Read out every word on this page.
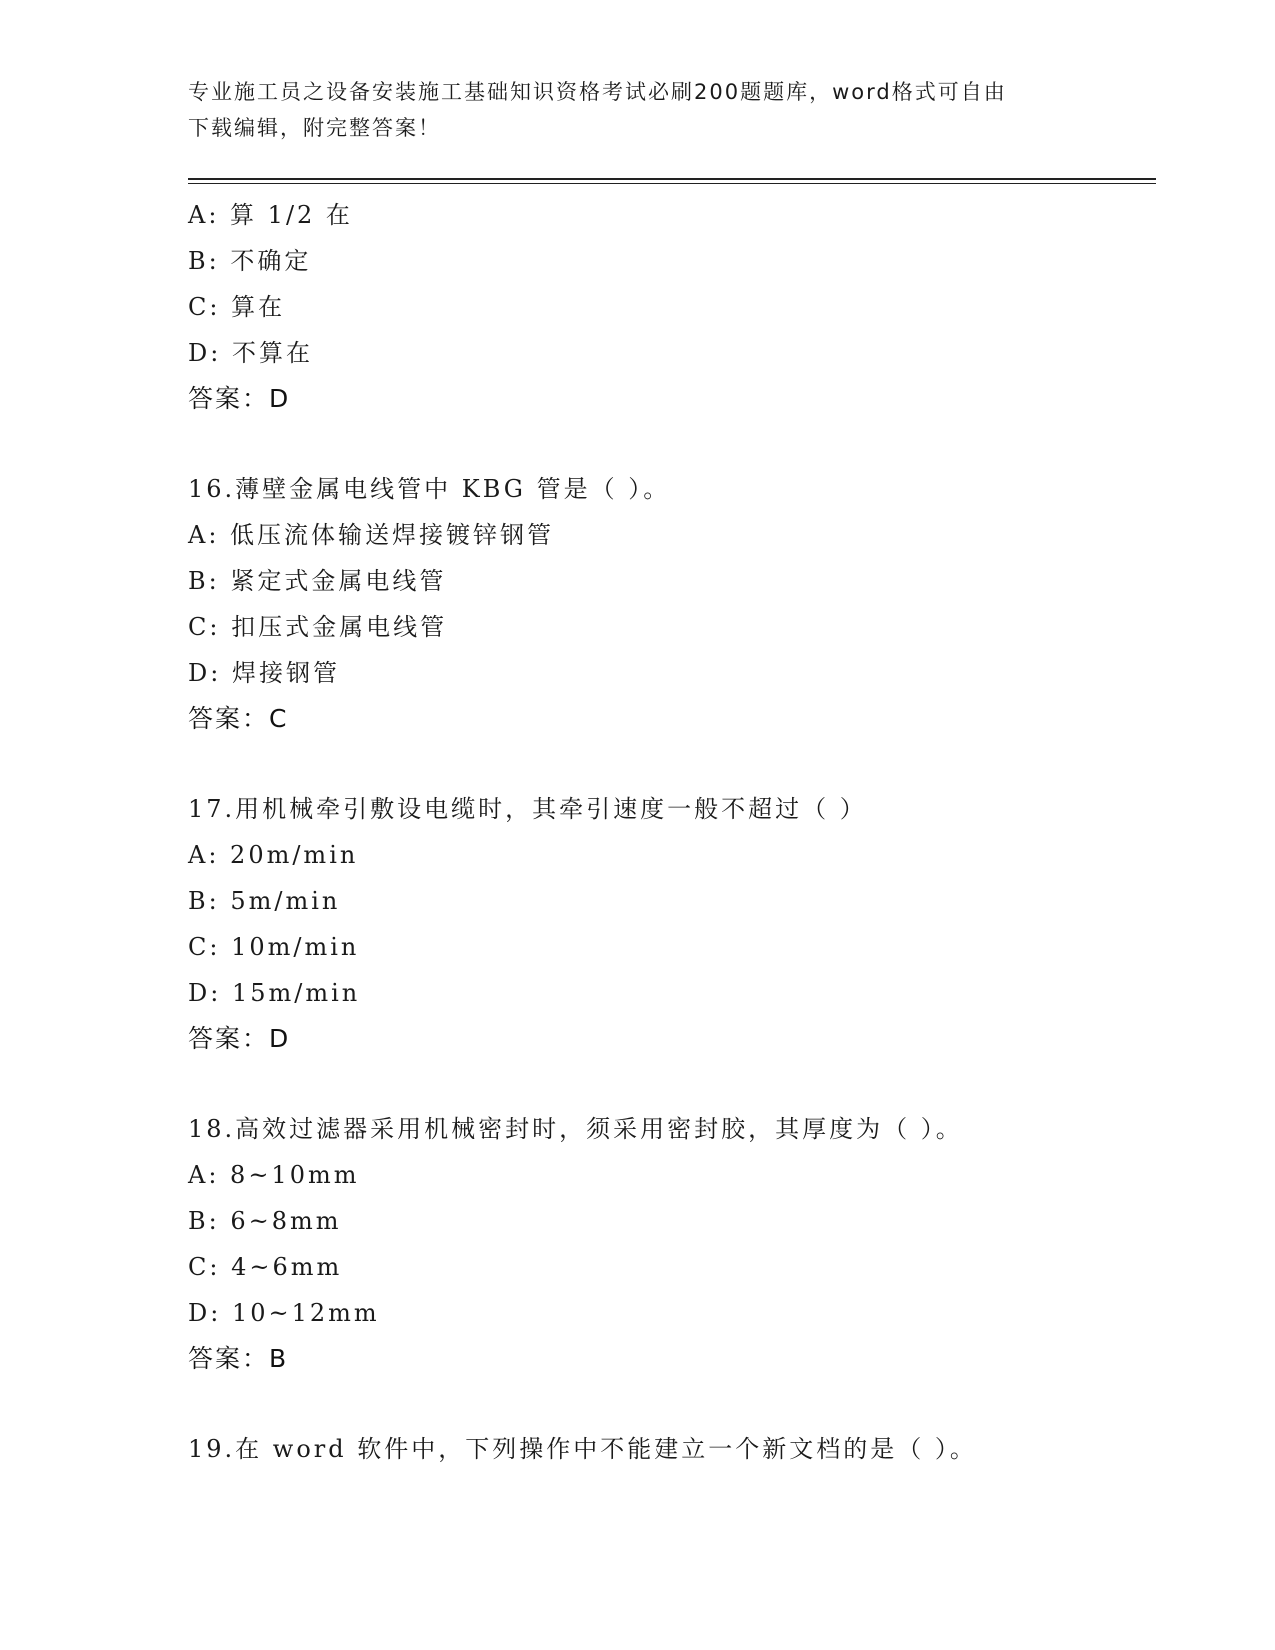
专业施工员之设备安装施工基础知识资格考试必刷200题题库，word格式可自由
下载编辑，附完整答案！
A: 算 1/2 在
B: 不确定
C: 算在
D: 不算在
答案：D
16.薄壁金属电线管中 KBG 管是（ ）。
A: 低压流体输送焊接镀锌钢管
B: 紧定式金属电线管
C: 扣压式金属电线管
D: 焊接钢管
答案：C
17.用机械牵引敷设电缆时，其牵引速度一般不超过（ ）
A: 20m/min
B: 5m/min
C: 10m/min
D: 15m/min
答案：D
18.高效过滤器采用机械密封时，须采用密封胶，其厚度为（ ）。
A: 8~10mm
B: 6~8mm
C: 4~6mm
D: 10~12mm
答案：B
19.在 word 软件中，下列操作中不能建立一个新文档的是（ ）。
